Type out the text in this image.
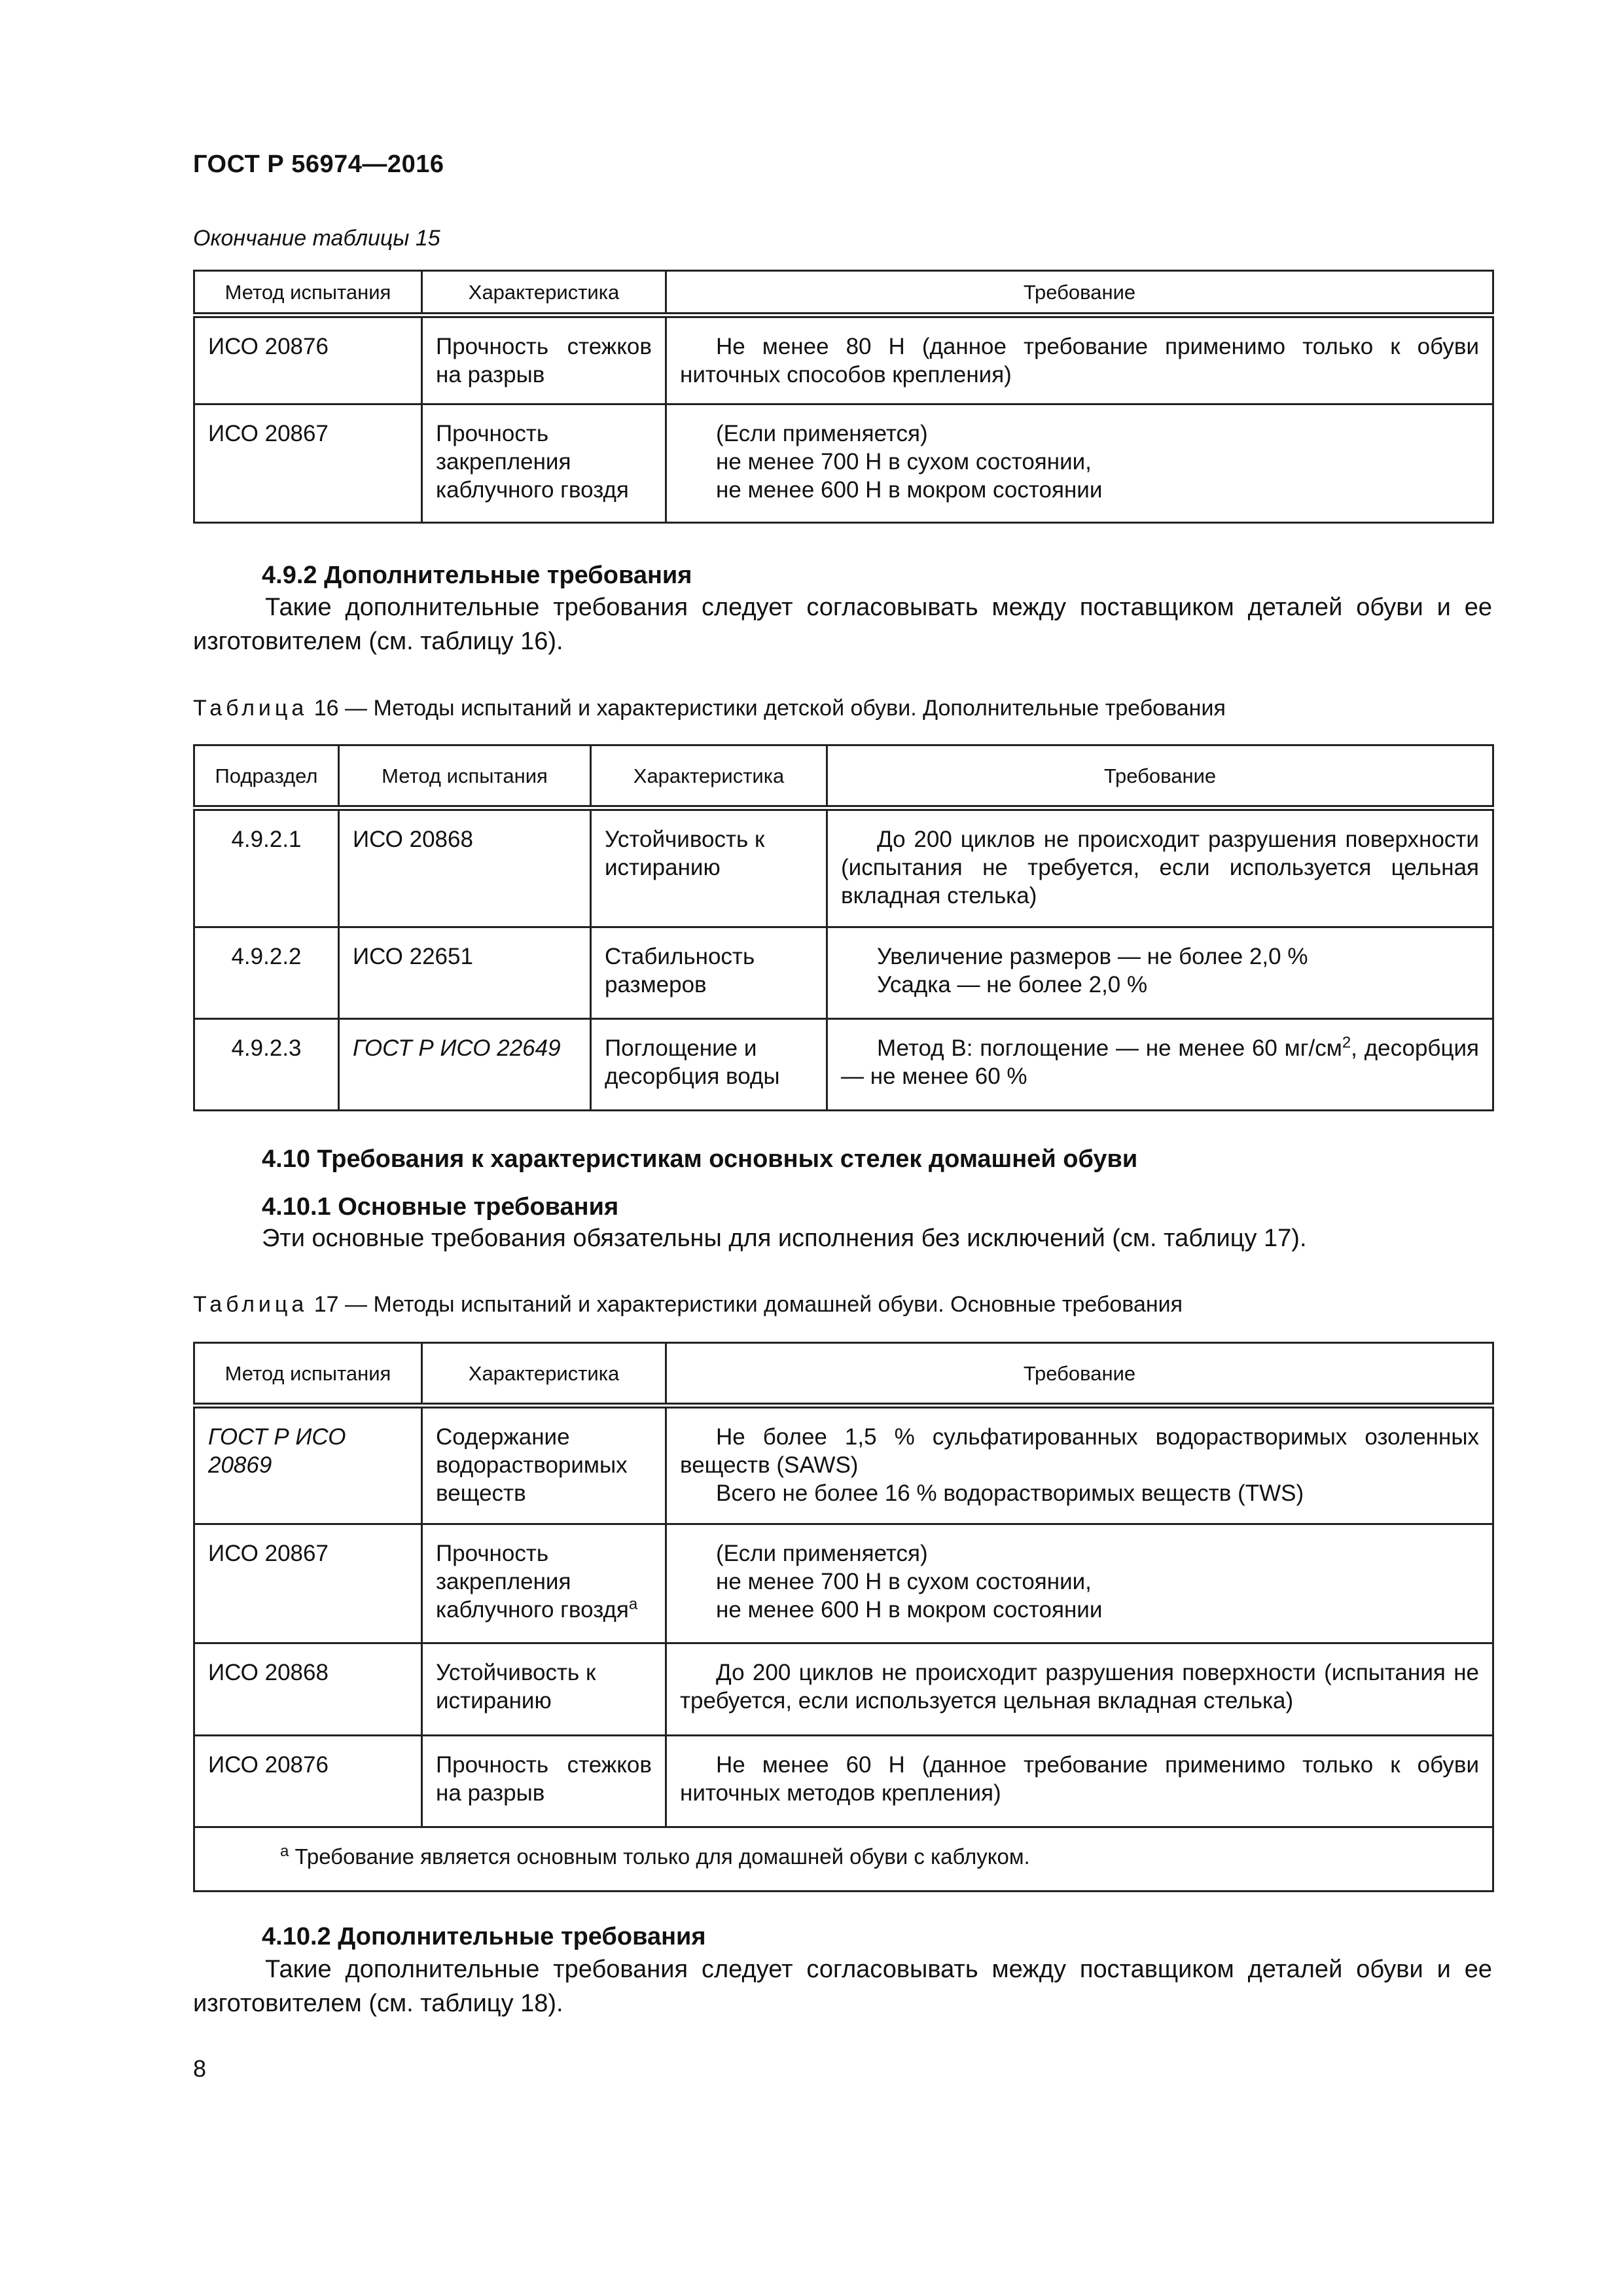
ГОСТ Р 56974—2016
Окончание таблицы 15
Метод испытания	Характеристика	Требование
ИСО 20876	Прочность стежков на разрыв	Не менее 80 Н (данное требование применимо только к обуви ниточных способов крепления)
ИСО 20867	Прочность закрепления каблучного гвоздя	(Если применяется)
не менее 700 Н в сухом состоянии,
не менее 600 Н в мокром состоянии
4.9.2 Дополнительные требования
Такие дополнительные требования следует согласовывать между поставщиком деталей обуви и ее изготовителем (см. таблицу 16).
Таблица 16 — Методы испытаний и характеристики детской обуви. Дополнительные требования
Подраздел	Метод испытания	Характеристика	Требование
4.9.2.1	ИСО 20868	Устойчивость к истиранию	До 200 циклов не происходит разрушения поверхности (испытания не требуется, если используется цельная вкладная стелька)
4.9.2.2	ИСО 22651	Стабильность размеров	Увеличение размеров — не более 2,0 %
Усадка — не более 2,0 %

4.9.2.3	ГОСТ Р ИСО 22649	Поглощение и десорбция воды	Метод B: поглощение — не менее 60 $мг/см^2$, десорбция — не менее 60 %
4.10 Требования к характеристикам основных стелек домашней обуви
4.10.1 Основные требования
Эти основные требования обязательны для исполнения без исключений (см. таблицу 17).
Таблица 17 — Методы испытаний и характеристики домашней обуви. Основные требования
Метод испытания	Характеристика	Требование
ГОСТ Р ИСО 20869	Содержание водорастворимых веществ	Не более 1,5 % сульфатированных водорастворимых озоленных веществ (SAWS)
Всего не более 16 % водорастворимых веществ (TWS)

ИСО 20867	Прочность закрепления каблучного гвоздя$^а$	(Если применяется)
не менее 700 Н в сухом состоянии,
не менее 600 Н в мокром состоянии

ИСО 20868	Устойчивость к истиранию	До 200 циклов не происходит разрушения поверхности (испытания не требуется, если используется цельная вкладная стелька)
ИСО 20876	Прочность стежков на разрыв	Не менее 60 Н (данное требование применимо только к обуви ниточных методов крепления)
$^а$ Требование является основным только для домашней обуви с каблуком.		
4.10.2 Дополнительные требования
Такие дополнительные требования следует согласовывать между поставщиком деталей обуви и ее изготовителем (см. таблицу 18).
8
